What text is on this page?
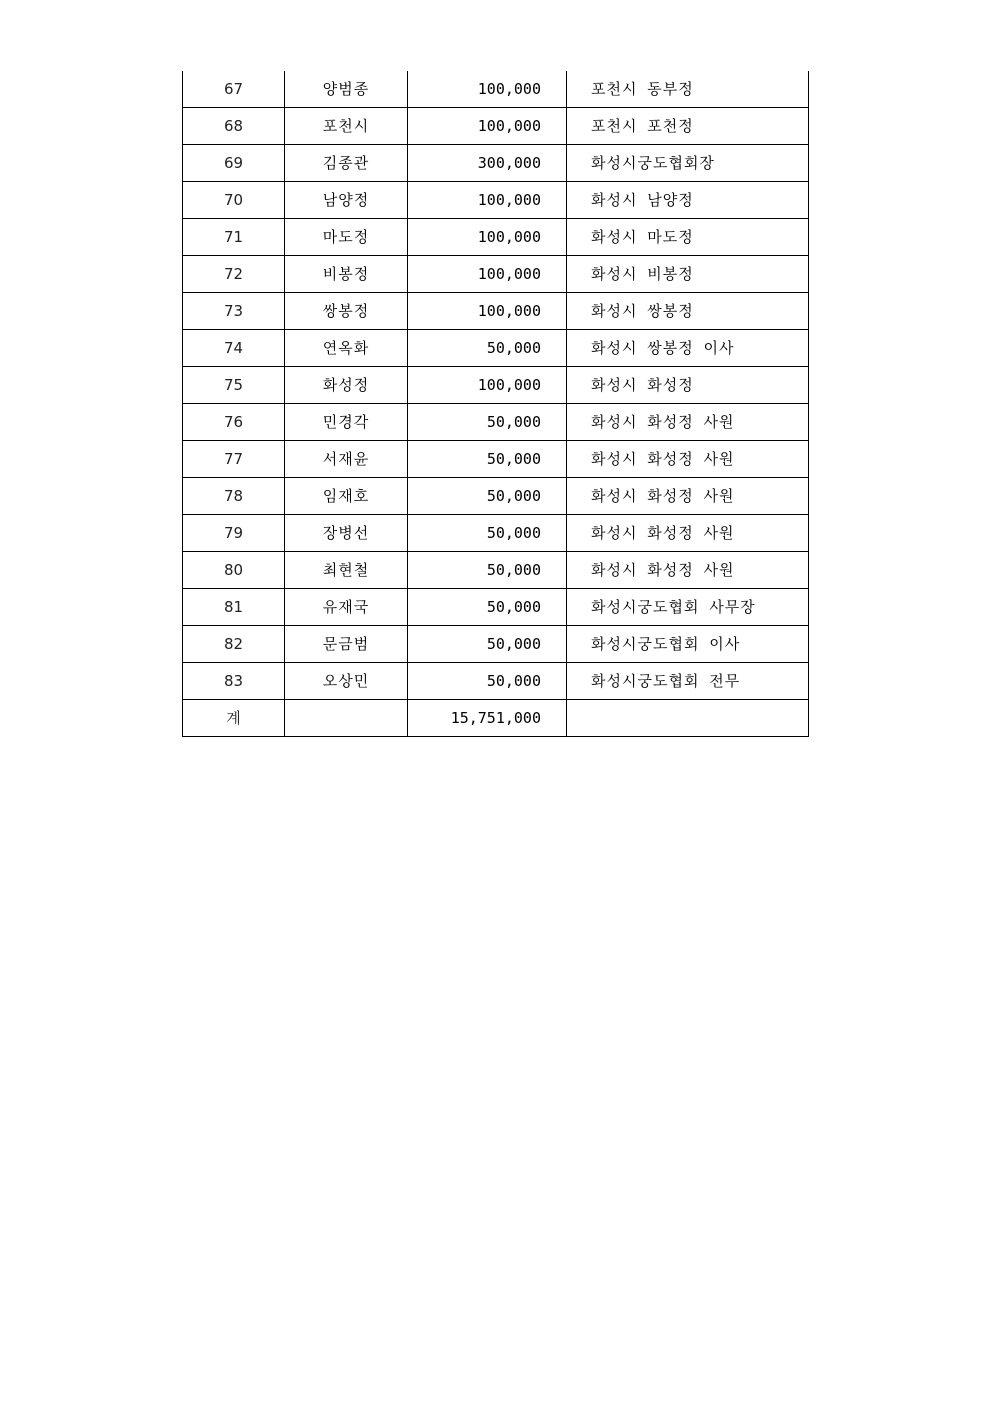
67	양범종	100,000	포천시 동부정
68	포천시	100,000	포천시 포천정
69	김종관	300,000	화성시궁도협회장
70	남양정	100,000	화성시 남양정
71	마도정	100,000	화성시 마도정
72	비봉정	100,000	화성시 비봉정
73	쌍봉정	100,000	화성시 쌍봉정
74	연옥화	50,000	화성시 쌍봉정 이사
75	화성정	100,000	화성시 화성정
76	민경각	50,000	화성시 화성정 사원
77	서재윤	50,000	화성시 화성정 사원
78	임재호	50,000	화성시 화성정 사원
79	장병선	50,000	화성시 화성정 사원
80	최현철	50,000	화성시 화성정 사원
81	유재국	50,000	화성시궁도협회 사무장
82	문금범	50,000	화성시궁도협회 이사
83	오상민	50,000	화성시궁도협회 전무
계		15,751,000	
